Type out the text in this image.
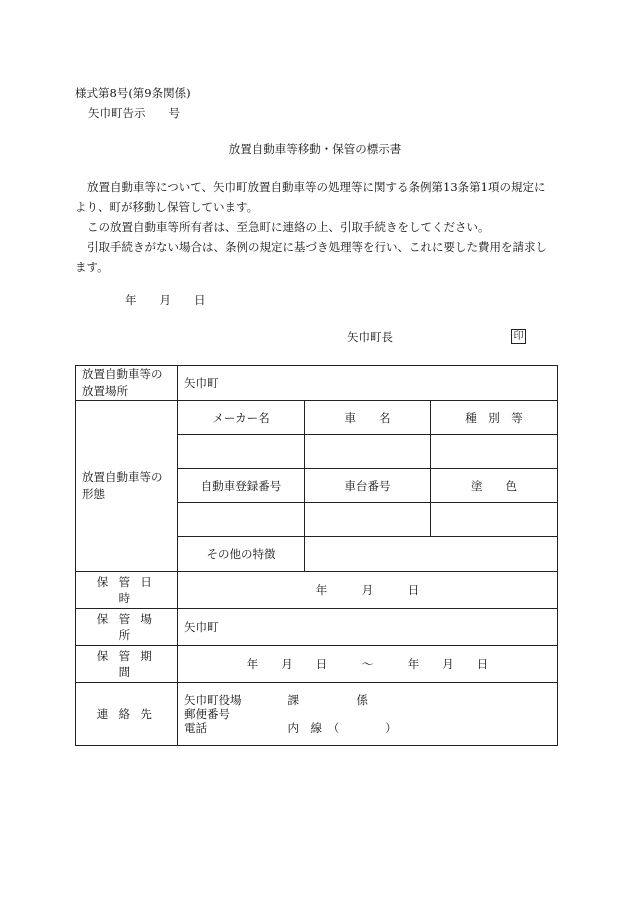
様式第8号(第9条関係)
矢巾町告示　　号
放置自動車等移動・保管の標示書

放置自動車等について、矢巾町放置自動車等の処理等に関する条例第13条第1項の規定により、町が移動し保管しています。

この放置自動車等所有者は、至急町に連絡の上、引取手続きをしてください。

引取手続きがない場合は、条例の規定に基づき処理等を行い、これに要した費用を請求します。

年　　月　　日
矢巾町長	印
放置自動車等の放置場所	矢巾町		
放置自動車等の形態	メーカー名	車　　名	種　別　等

	自動車登録番号	車台番号	塗　　色

	その他の特徴		
保管日時	年　　　月　　　日		
保管場所	矢巾町		
保管期間	年　　月　　日　　　～　　　年　　月　　日		
連絡先	矢巾町役場　　　　課　　　　　係
郵便番号
電話　　　　　　　内　線　（　　　　）		
